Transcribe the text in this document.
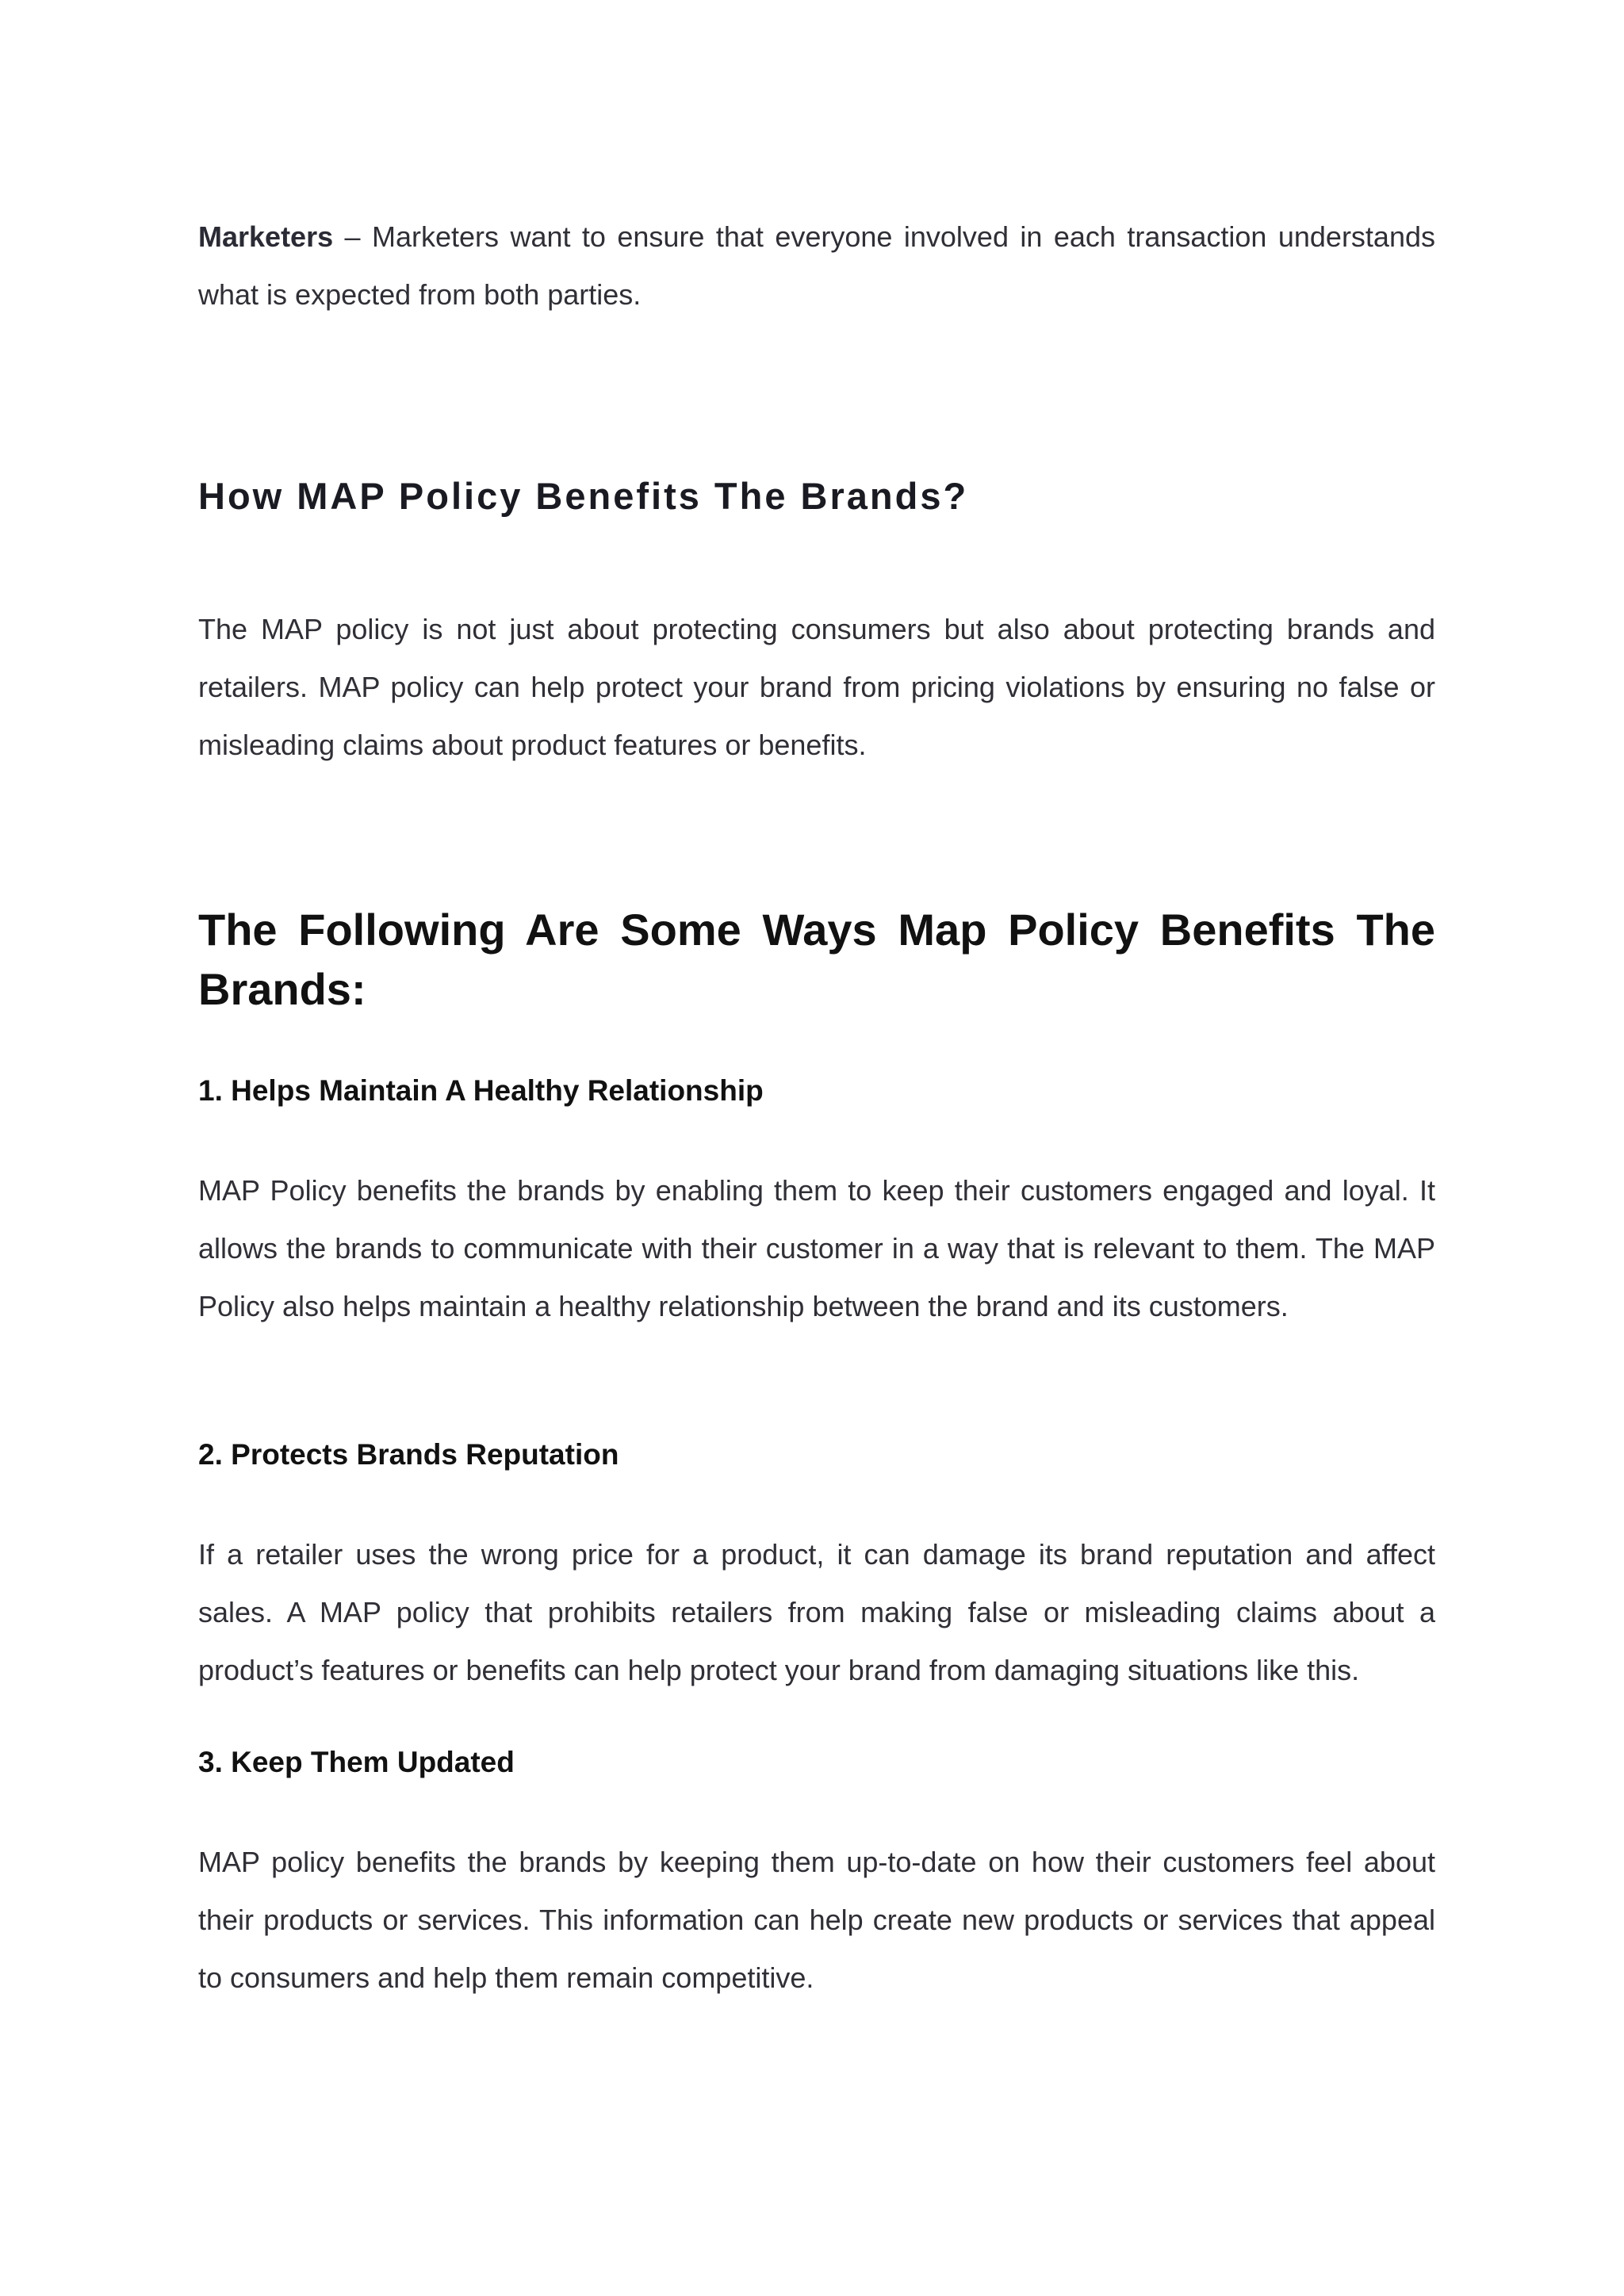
Marketers – Marketers want to ensure that everyone involved in each transaction understands what is expected from both parties.

How MAP Policy Benefits The Brands?

The MAP policy is not just about protecting consumers but also about protecting brands and retailers. MAP policy can help protect your brand from pricing violations by ensuring no false or misleading claims about product features or benefits.

The Following Are Some Ways Map Policy Benefits The Brands:
1. Helps Maintain A Healthy Relationship

MAP Policy benefits the brands by enabling them to keep their customers engaged and loyal. It allows the brands to communicate with their customer in a way that is relevant to them. The MAP Policy also helps maintain a healthy relationship between the brand and its customers.

2. Protects Brands Reputation

If a retailer uses the wrong price for a product, it can damage its brand reputation and affect sales. A MAP policy that prohibits retailers from making false or misleading claims about a product’s features or benefits can help protect your brand from damaging situations like this.

3. Keep Them Updated

MAP policy benefits the brands by keeping them up-to-date on how their customers feel about their products or services. This information can help create new products or services that appeal to consumers and help them remain competitive.
